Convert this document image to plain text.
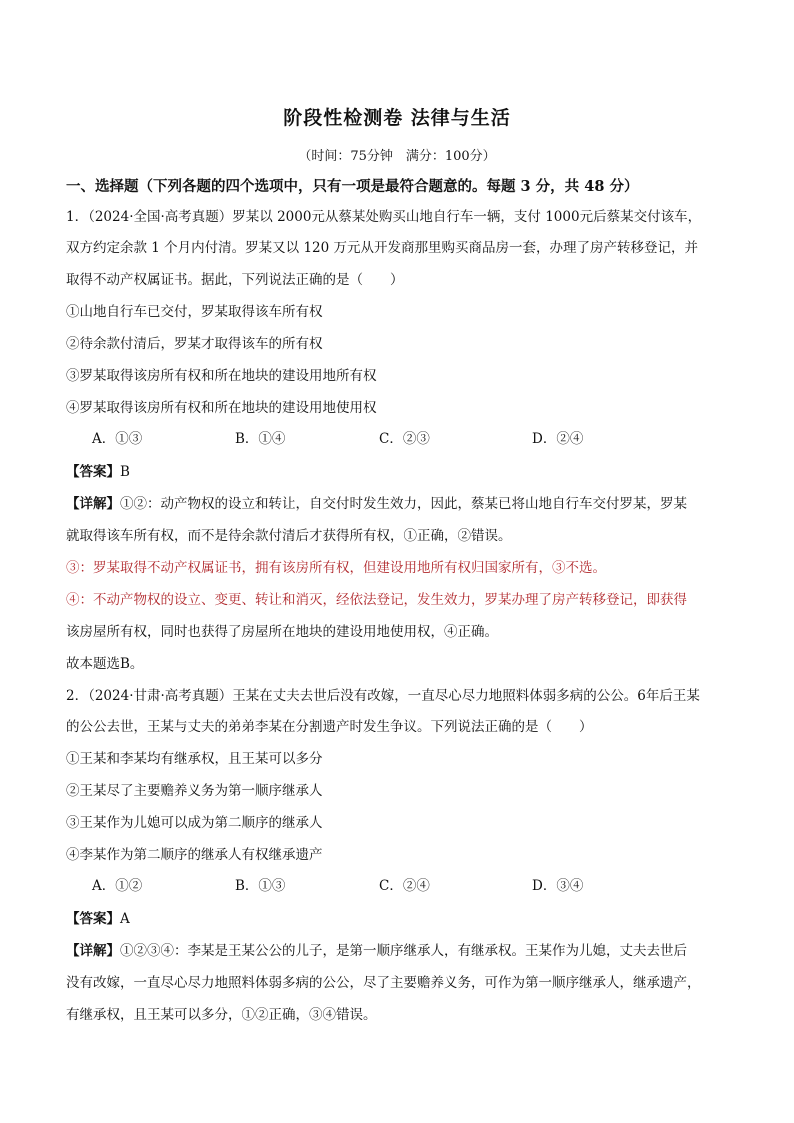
阶段性检测卷 法律与生活
（时间：75分钟　满分：100分）
一、选择题（下列各题的四个选项中，只有一项是最符合题意的。每题 3 分，共 48 分）
1．（2024·全国·高考真题）罗某以 2000元从蔡某处购买山地自行车一辆，支付 1000元后蔡某交付该车，
双方约定余款 1 个月内付清。罗某又以 120 万元从开发商那里购买商品房一套，办理了房产转移登记，并
取得不动产权属证书。据此，下列说法正确的是（　　）
①山地自行车已交付，罗某取得该车所有权
②待余款付清后，罗某才取得该车的所有权
③罗某取得该房所有权和所在地块的建设用地所有权
④罗某取得该房所有权和所在地块的建设用地使用权
A．①③	B．①④	C．②③	D．②④
【答案】B
【详解】①②：动产物权的设立和转让，自交付时发生效力，因此，蔡某已将山地自行车交付罗某，罗某
就取得该车所有权，而不是待余款付清后才获得所有权，①正确，②错误。
③：罗某取得不动产权属证书，拥有该房所有权，但建设用地所有权归国家所有，③不选。
④：不动产物权的设立、变更、转让和消灭，经依法登记，发生效力，罗某办理了房产转移登记，即获得
该房屋所有权，同时也获得了房屋所在地块的建设用地使用权，④正确。
故本题选B。
2．（2024·甘肃·高考真题）王某在丈夫去世后没有改嫁，一直尽心尽力地照料体弱多病的公公。6年后王某
的公公去世，王某与丈夫的弟弟李某在分割遗产时发生争议。下列说法正确的是（　　）
①王某和李某均有继承权，且王某可以多分
②王某尽了主要赡养义务为第一顺序继承人
③王某作为儿媳可以成为第二顺序的继承人
④李某作为第二顺序的继承人有权继承遗产
A．①②	B．①③	C．②④	D．③④
【答案】A
【详解】①②③④：李某是王某公公的儿子，是第一顺序继承人，有继承权。王某作为儿媳，丈夫去世后
没有改嫁，一直尽心尽力地照料体弱多病的公公，尽了主要赡养义务，可作为第一顺序继承人，继承遗产，
有继承权，且王某可以多分，①②正确，③④错误。
